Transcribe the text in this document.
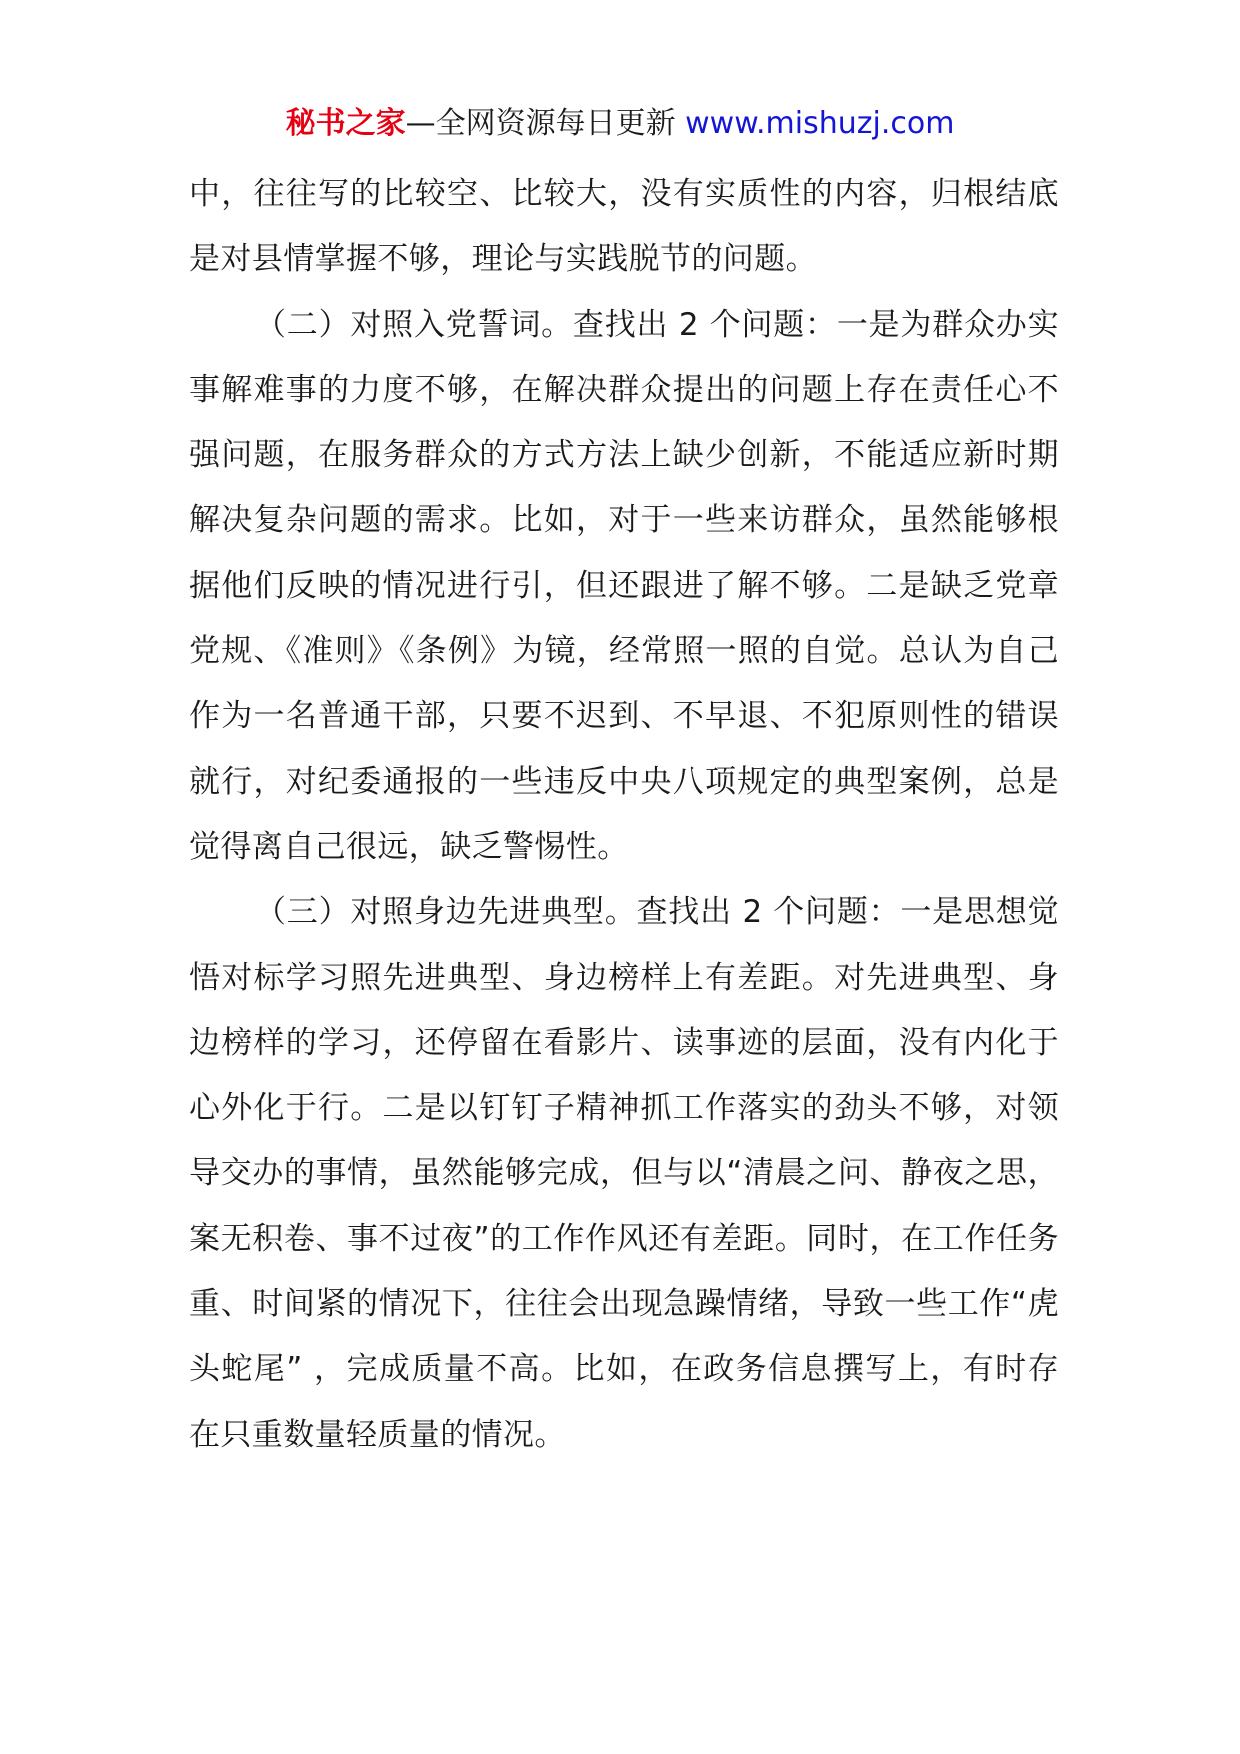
秘书之家—全网资源每日更新 www.mishuzj.com

中，往往写的比较空、比较大，没有实质性的内容，归根结底是对县情掌握不够，理论与实践脱节的问题。

（二）对照入党誓词。查找出 2 个问题：一是为群众办实事解难事的力度不够，在解决群众提出的问题上存在责任心不强问题，在服务群众的方式方法上缺少创新，不能适应新时期解决复杂问题的需求。比如，对于一些来访群众，虽然能够根据他们反映的情况进行引，但还跟进了解不够。二是缺乏党章党规、《准则》《条例》为镜，经常照一照的自觉。总认为自己作为一名普通干部，只要不迟到、不早退、不犯原则性的错误就行，对纪委通报的一些违反中央八项规定的典型案例，总是觉得离自己很远，缺乏警惕性。

（三）对照身边先进典型。查找出 2 个问题：一是思想觉悟对标学习照先进典型、身边榜样上有差距。对先进典型、身边榜样的学习，还停留在看影片、读事迹的层面，没有内化于心外化于行。二是以钉钉子精神抓工作落实的劲头不够，对领导交办的事情，虽然能够完成，但与以“清晨之问、静夜之思，案无积卷、事不过夜”的工作作风还有差距。同时，在工作任务重、时间紧的情况下，往往会出现急躁情绪，导致一些工作“虎头蛇尾” ，完成质量不高。比如，在政务信息撰写上，有时存在只重数量轻质量的情况。
